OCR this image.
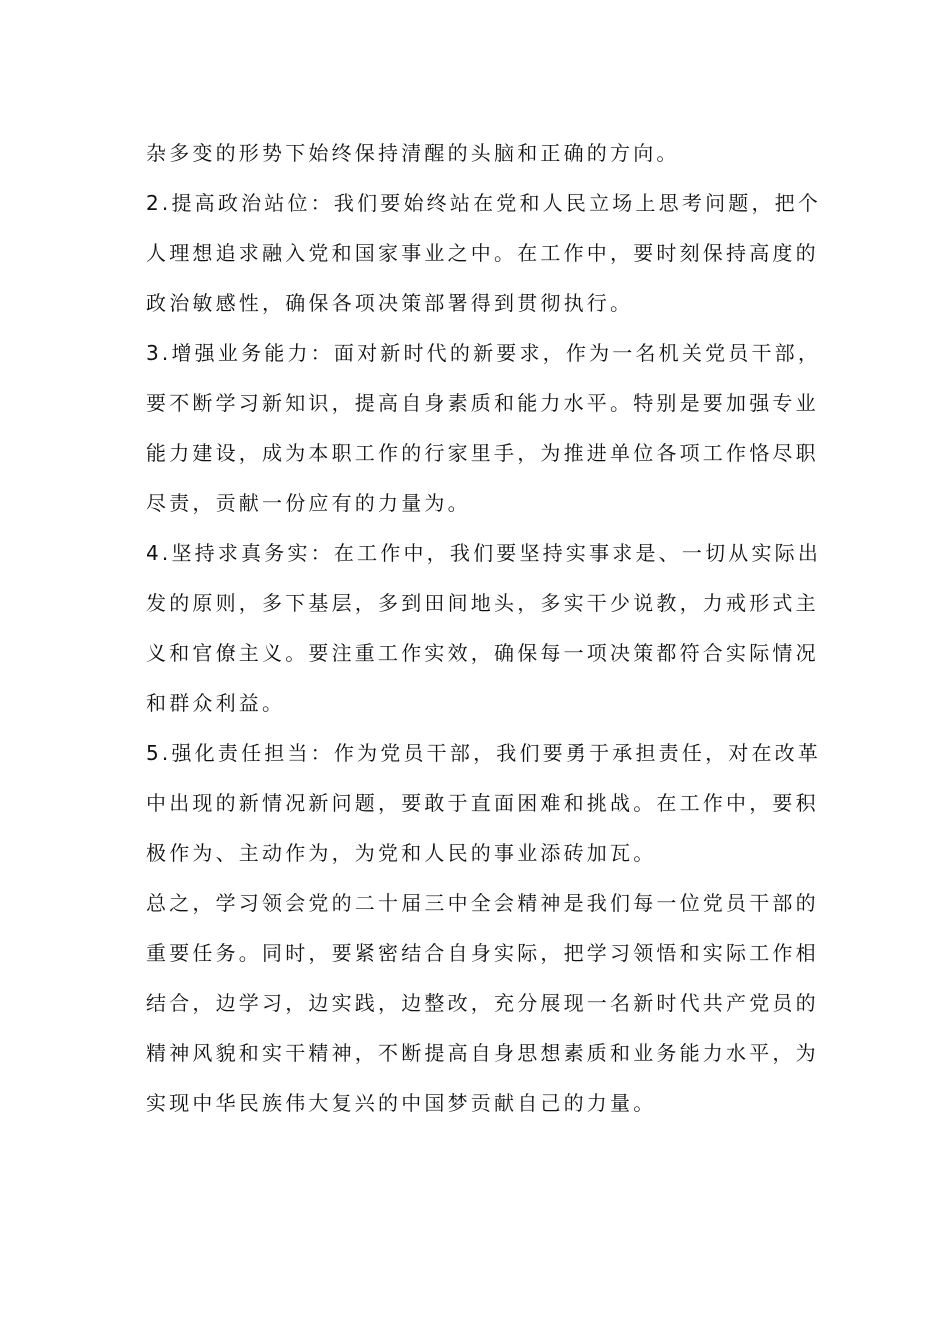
杂多变的形势下始终保持清醒的头脑和正确的方向。
2.提高政治站位：我们要始终站在党和人民立场上思考问题，把个
人理想追求融入党和国家事业之中。在工作中，要时刻保持高度的
政治敏感性，确保各项决策部署得到贯彻执行。
3.增强业务能力：面对新时代的新要求，作为一名机关党员干部，
要不断学习新知识，提高自身素质和能力水平。特别是要加强专业
能力建设，成为本职工作的行家里手，为推进单位各项工作恪尽职
尽责，贡献一份应有的力量为。
4.坚持求真务实：在工作中，我们要坚持实事求是、一切从实际出
发的原则，多下基层，多到田间地头，多实干少说教，力戒形式主
义和官僚主义。要注重工作实效，确保每一项决策都符合实际情况
和群众利益。
5.强化责任担当：作为党员干部，我们要勇于承担责任，对在改革
中出现的新情况新问题，要敢于直面困难和挑战。在工作中，要积
极作为、主动作为，为党和人民的事业添砖加瓦。
总之，学习领会党的二十届三中全会精神是我们每一位党员干部的
重要任务。同时，要紧密结合自身实际，把学习领悟和实际工作相
结合，边学习，边实践，边整改，充分展现一名新时代共产党员的
精神风貌和实干精神，不断提高自身思想素质和业务能力水平，为
实现中华民族伟大复兴的中国梦贡献自己的力量。
